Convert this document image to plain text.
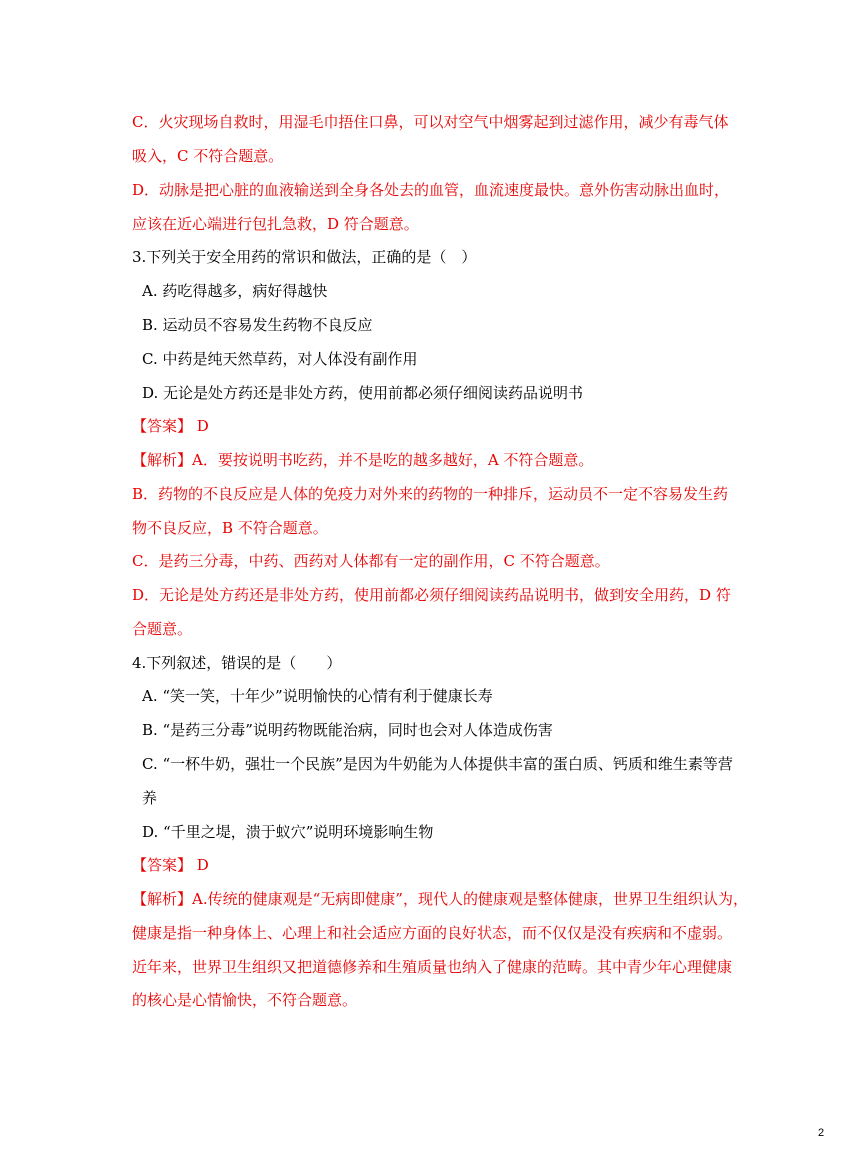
C．火灾现场自救时，用湿毛巾捂住口鼻，可以对空气中烟雾起到过滤作用，减少有毒气体
吸入，C 不符合题意。
D．动脉是把心脏的血液输送到全身各处去的血管，血流速度最快。意外伤害动脉出血时，
应该在近心端进行包扎急救，D 符合题意。
3.下列关于安全用药的常识和做法，正确的是（　）
A. 药吃得越多，病好得越快
B. 运动员不容易发生药物不良反应
C. 中药是纯天然草药，对人体没有副作用
D. 无论是处方药还是非处方药，使用前都必须仔细阅读药品说明书
【答案】 D
【解析】A．要按说明书吃药，并不是吃的越多越好，A 不符合题意。
B．药物的不良反应是人体的免疫力对外来的药物的一种排斥，运动员不一定不容易发生药
物不良反应，B 不符合题意。
C．是药三分毒，中药、西药对人体都有一定的副作用，C 不符合题意。
D．无论是处方药还是非处方药，使用前都必须仔细阅读药品说明书，做到安全用药，D 符
合题意。
4.下列叙述，错误的是（　　）
A. “笑一笑，十年少”说明愉快的心情有利于健康长寿
B. “是药三分毒”说明药物既能治病，同时也会对人体造成伤害
C. “一杯牛奶，强壮一个民族”是因为牛奶能为人体提供丰富的蛋白质、钙质和维生素等营
养
D. “千里之堤，溃于蚁穴”说明环境影响生物
【答案】 D
【解析】A.传统的健康观是“无病即健康”，现代人的健康观是整体健康，世界卫生组织认为，
健康是指一种身体上、心理上和社会适应方面的良好状态，而不仅仅是没有疾病和不虚弱。
近年来，世界卫生组织又把道德修养和生殖质量也纳入了健康的范畴。其中青少年心理健康
的核心是心情愉快，不符合题意。
2
